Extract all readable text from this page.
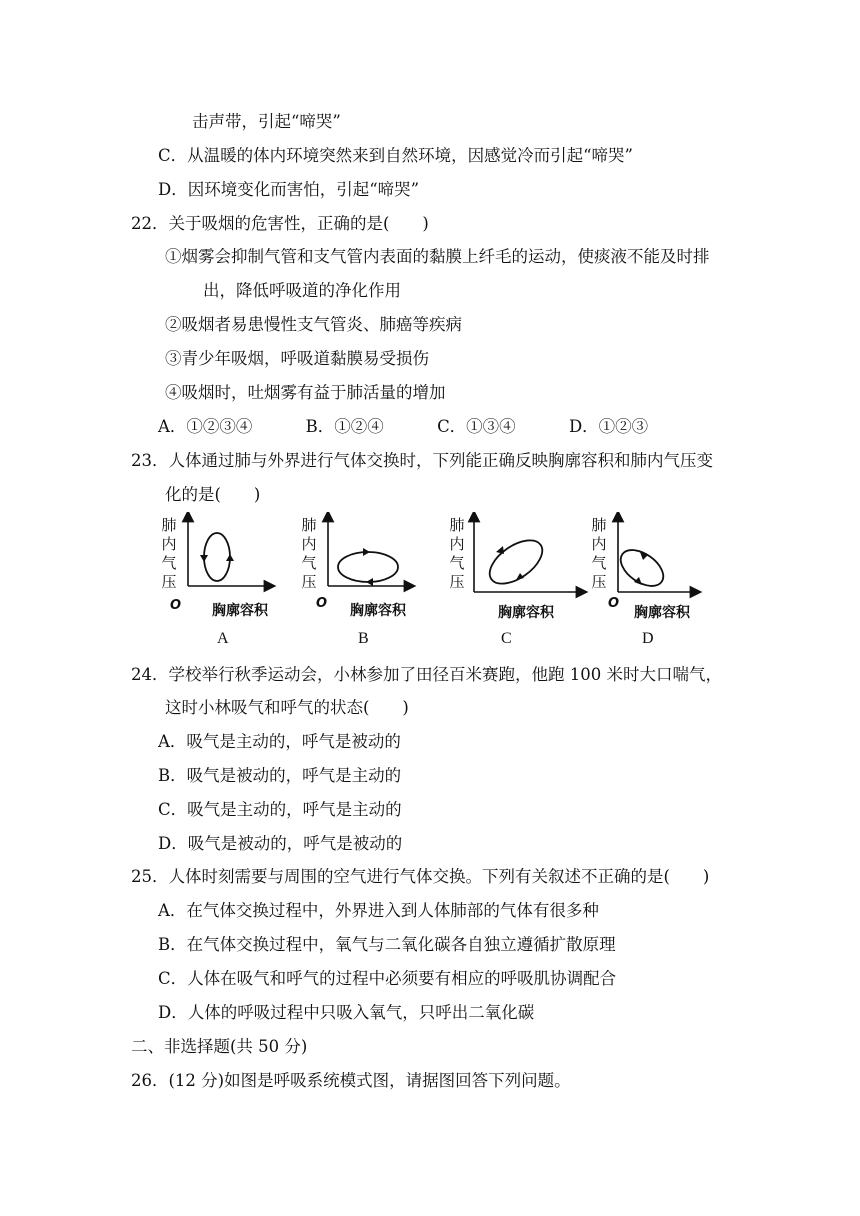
击声带，引起“啼哭”
C．从温暖的体内环境突然来到自然环境，因感觉冷而引起“啼哭”
D．因环境变化而害怕，引起“啼哭”
22．关于吸烟的危害性，正确的是(　　)
①烟雾会抑制气管和支气管内表面的黏膜上纤毛的运动，使痰液不能及时排
出，降低呼吸道的净化作用
②吸烟者易患慢性支气管炎、肺癌等疾病
③青少年吸烟，呼吸道黏膜易受损伤
④吸烟时，吐烟雾有益于肺活量的增加
A．①②③④	B．①②④	C．①③④	D．①②③
23．人体通过肺与外界进行气体交换时，下列能正确反映胸廓容积和肺内气压变
化的是(　　)
肺
内
气
压
O 胸廓容积
A
肺
内
气
压
O 胸廓容积
B
肺
内
气
压
胸廓容积
C
肺
内
气
压
O
胸廓容积
D
24．学校举行秋季运动会，小林参加了田径百米赛跑，他跑 100 米时大口喘气，
这时小林吸气和呼气的状态(　　)
A．吸气是主动的，呼气是被动的
B．吸气是被动的，呼气是主动的
C．吸气是主动的，呼气是主动的
D．吸气是被动的，呼气是被动的
25．人体时刻需要与周围的空气进行气体交换。下列有关叙述不正确的是(　　)
A．在气体交换过程中，外界进入到人体肺部的气体有很多种
B．在气体交换过程中，氧气与二氧化碳各自独立遵循扩散原理
C．人体在吸气和呼气的过程中必须要有相应的呼吸肌协调配合
D．人体的呼吸过程中只吸入氧气，只呼出二氧化碳
二、非选择题(共 50 分)
26．(12 分)如图是呼吸系统模式图，请据图回答下列问题。
